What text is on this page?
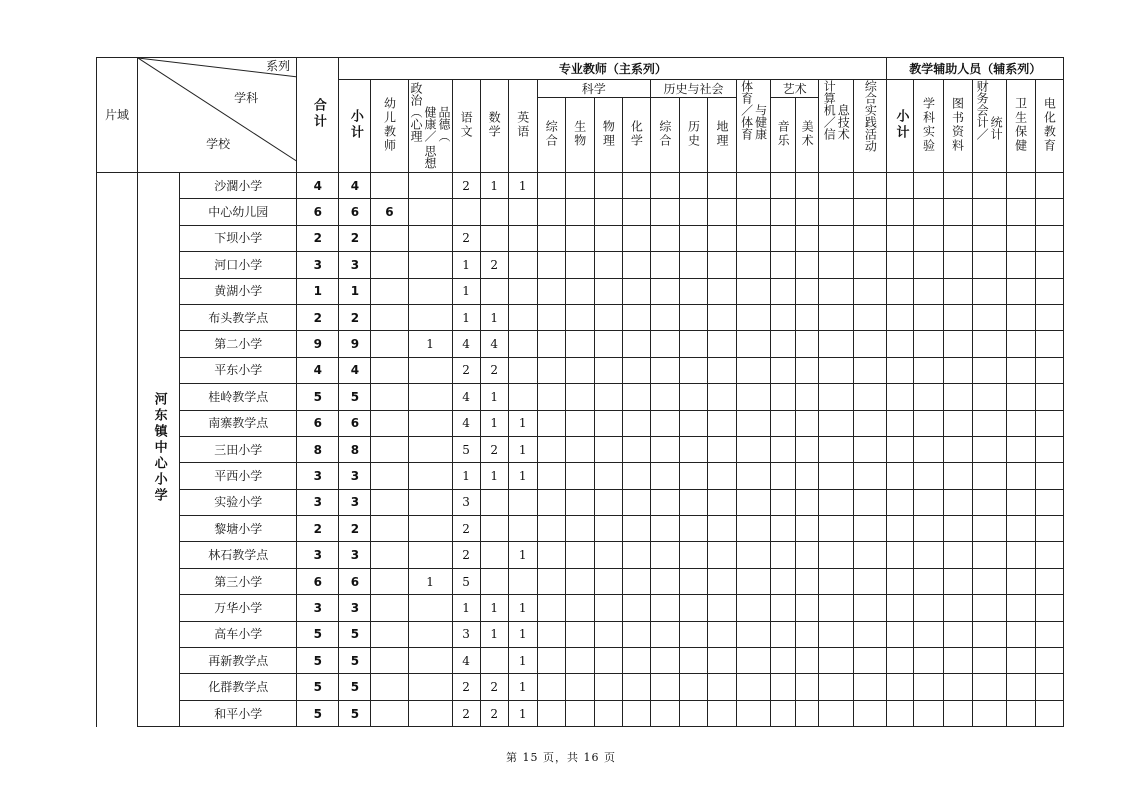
片域	系列
学科
学校		合计	专业教师（主系列）																		教学辅助人员（辅系列）					
				小计	幼儿教师	政治（心理健康／品德（思想	语文	数学	英语	科学				历史与社会			体育／体育与健康	艺术		计算机／信息技术	综合实践活动	小计	学科实验	图书资料	财务会计／统计	卫生保健	电化教育
										综合	生物	物理	化学	综合	历史	地理		音乐	美术								
	河东镇中心小学	沙濶小学	4	4			2	1	1																		
		中心幼儿园	6	6	6																						
		下坝小学	2	2			2																				
		河口小学	3	3			1	2																			
		黄湖小学	1	1			1																				
		布头教学点	2	2			1	1																			
		第二小学	9	9		1	4	4																			
		平东小学	4	4			2	2																			
		桂岭教学点	5	5			4	1																			
		南寨教学点	6	6			4	1	1																		
		三田小学	8	8			5	2	1																		
		平西小学	3	3			1	1	1																		
		实验小学	3	3			3																				
		黎塘小学	2	2			2																				
		林石教学点	3	3			2		1																		
		第三小学	6	6		1	5																				
		万华小学	3	3			1	1	1																		
		高车小学	5	5			3	1	1																		
		再新教学点	5	5			4		1																		
		化群教学点	5	5			2	2	1																		
		和平小学	5	5			2	2	1																		
第 15 页，共 16 页
